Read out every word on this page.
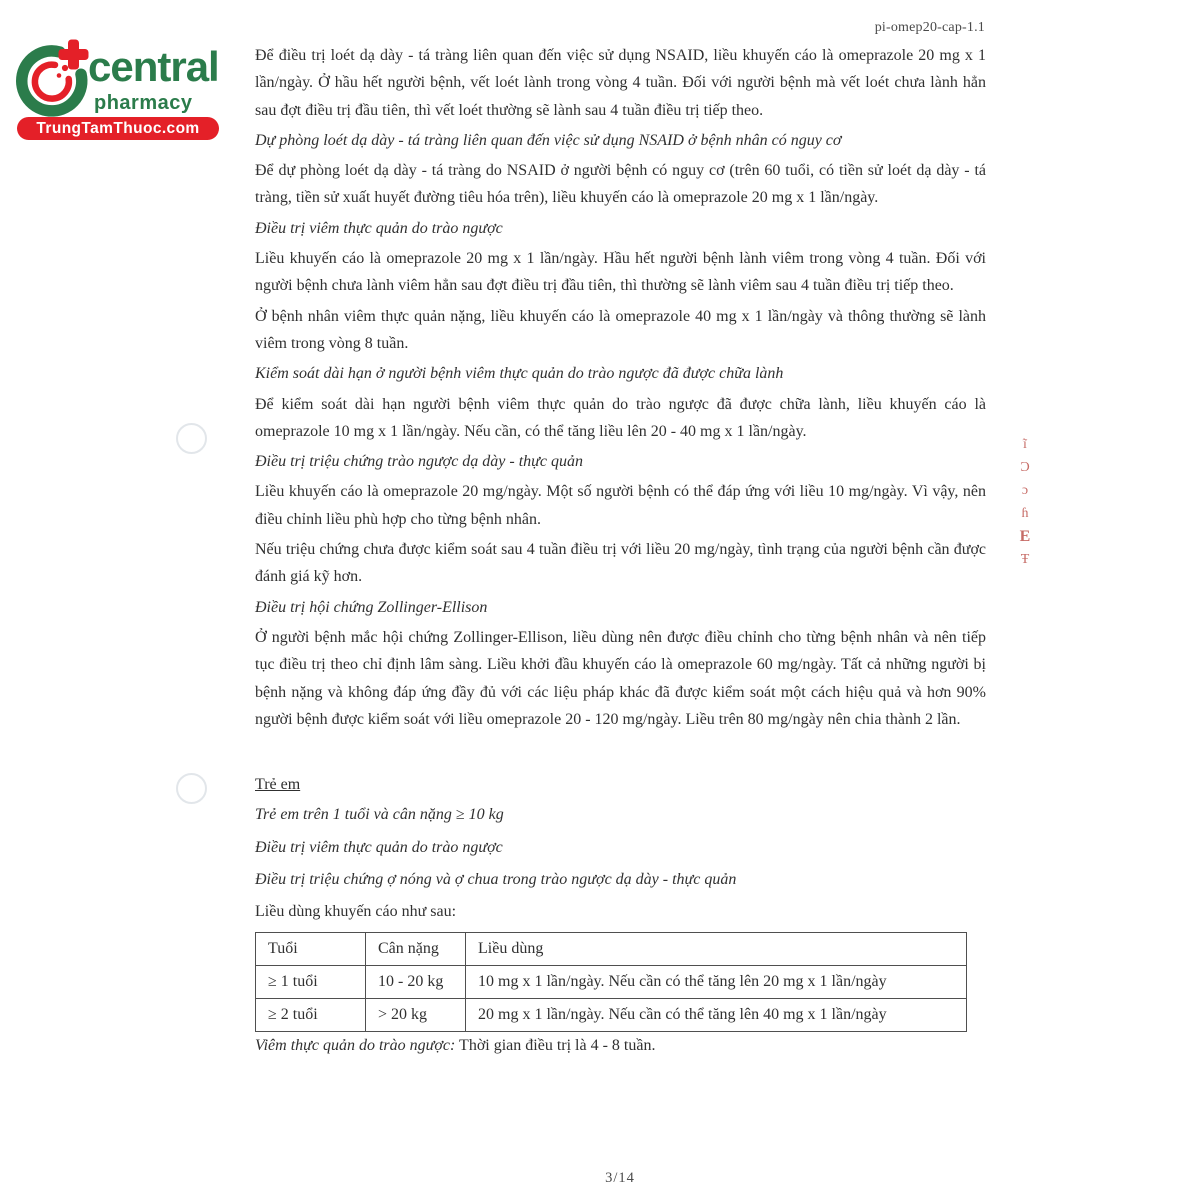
central
pharmacy
TrungTamThuoc.com
pi-omep20-cap-1.1
ĩ
Ͻ
ɔ
ɦ
E
Ŧ

Để điều trị loét dạ dày - tá tràng liên quan đến việc sử dụng NSAID, liều khuyến cáo là omeprazole 20 mg x 1 lần/ngày. Ở hầu hết người bệnh, vết loét lành trong vòng 4 tuần. Đối với người bệnh mà vết loét chưa lành hẳn sau đợt điều trị đầu tiên, thì vết loét thường sẽ lành sau 4 tuần điều trị tiếp theo.

Dự phòng loét dạ dày - tá tràng liên quan đến việc sử dụng NSAID ở bệnh nhân có nguy cơ

Để dự phòng loét dạ dày - tá tràng do NSAID ở người bệnh có nguy cơ (trên 60 tuổi, có tiền sử loét dạ dày - tá tràng, tiền sử xuất huyết đường tiêu hóa trên), liều khuyến cáo là omeprazole 20 mg x 1 lần/ngày.

Điều trị viêm thực quản do trào ngược

Liều khuyến cáo là omeprazole 20 mg x 1 lần/ngày. Hầu hết người bệnh lành viêm trong vòng 4 tuần. Đối với người bệnh chưa lành viêm hẳn sau đợt điều trị đầu tiên, thì thường sẽ lành viêm sau 4 tuần điều trị tiếp theo.

Ở bệnh nhân viêm thực quản nặng, liều khuyến cáo là omeprazole 40 mg x 1 lần/ngày và thông thường sẽ lành viêm trong vòng 8 tuần.

Kiểm soát dài hạn ở người bệnh viêm thực quản do trào ngược đã được chữa lành

Để kiểm soát dài hạn người bệnh viêm thực quản do trào ngược đã được chữa lành, liều khuyến cáo là omeprazole 10 mg x 1 lần/ngày. Nếu cần, có thể tăng liều lên 20 - 40 mg x 1 lần/ngày.

Điều trị triệu chứng trào ngược dạ dày - thực quản

Liều khuyến cáo là omeprazole 20 mg/ngày. Một số người bệnh có thể đáp ứng với liều 10 mg/ngày. Vì vậy, nên điều chỉnh liều phù hợp cho từng bệnh nhân.

Nếu triệu chứng chưa được kiểm soát sau 4 tuần điều trị với liều 20 mg/ngày, tình trạng của người bệnh cần được đánh giá kỹ hơn.

Điều trị hội chứng Zollinger-Ellison

Ở người bệnh mắc hội chứng Zollinger-Ellison, liều dùng nên được điều chỉnh cho từng bệnh nhân và nên tiếp tục điều trị theo chỉ định lâm sàng. Liều khởi đầu khuyến cáo là omeprazole 60 mg/ngày. Tất cả những người bị bệnh nặng và không đáp ứng đầy đủ với các liệu pháp khác đã được kiểm soát một cách hiệu quả và hơn 90% người bệnh được kiểm soát với liều omeprazole 20 - 120 mg/ngày. Liều trên 80 mg/ngày nên chia thành 2 lần.

Trẻ em

Trẻ em trên 1 tuổi và cân nặng ≥ 10 kg

Điều trị viêm thực quản do trào ngược

Điều trị triệu chứng ợ nóng và ợ chua trong trào ngược dạ dày - thực quản

Liều dùng khuyến cáo như sau:

Tuổi	Cân nặng	Liều dùng
≥ 1 tuổi	10 - 20 kg	10 mg x 1 lần/ngày. Nếu cần có thể tăng lên 20 mg x 1 lần/ngày
≥ 2 tuổi	> 20 kg	20 mg x 1 lần/ngày. Nếu cần có thể tăng lên 40 mg x 1 lần/ngày

Viêm thực quản do trào ngược: Thời gian điều trị là 4 - 8 tuần.

3/14
